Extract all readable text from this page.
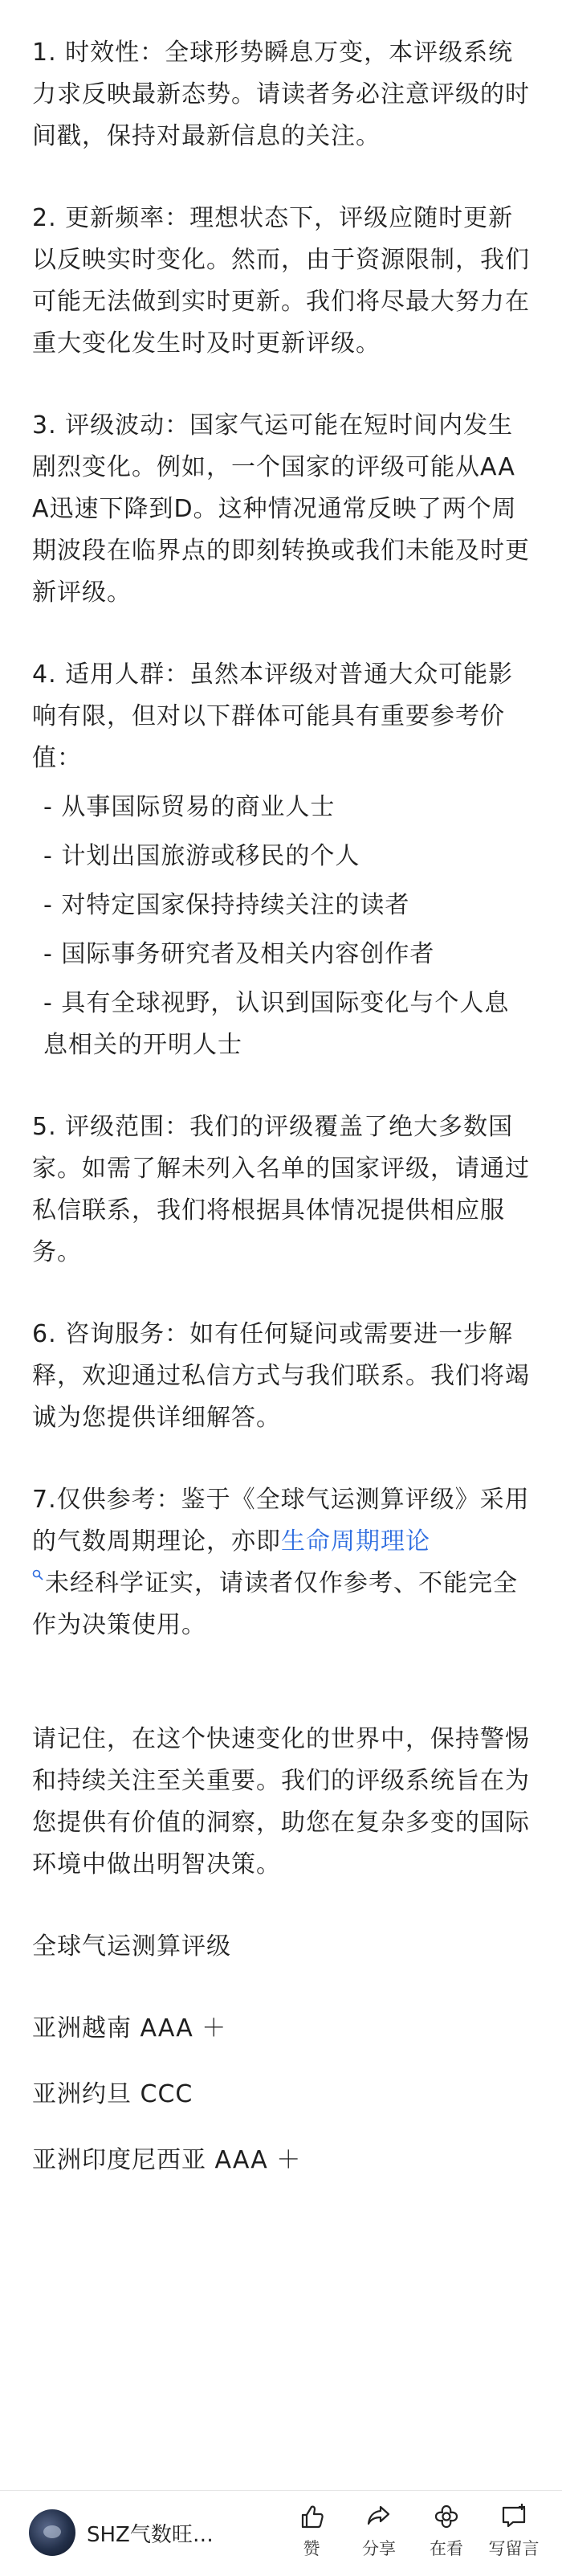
1. 时效性：全球形势瞬息万变，本评级系统力求反映最新态势。请读者务必注意评级的时间戳，保持对最新信息的关注。

2. 更新频率：理想状态下，评级应随时更新以反映实时变化。然而，由于资源限制，我们可能无法做到实时更新。我们将尽最大努力在重大变化发生时及时更新评级。

3. 评级波动：国家气运可能在短时间内发生剧烈变化。例如，一个国家的评级可能从AAA迅速下降到D。这种情况通常反映了两个周期波段在临界点的即刻转换或我们未能及时更新评级。

4. 适用人群：虽然本评级对普通大众可能影响有限，但对以下群体可能具有重要参考价值：

- 从事国际贸易的商业人士
- 计划出国旅游或移民的个人
- 对特定国家保持持续关注的读者
- 国际事务研究者及相关内容创作者
- 具有全球视野，认识到国际变化与个人息息相关的开明人士

5. 评级范围：我们的评级覆盖了绝大多数国家。如需了解未列入名单的国家评级，请通过私信联系，我们将根据具体情况提供相应服务。

6. 咨询服务：如有任何疑问或需要进一步解释，欢迎通过私信方式与我们联系。我们将竭诚为您提供详细解答。

7.仅供参考：鉴于《全球气运测算评级》采用的气数周期理论，亦即生命周期理论
未经科学证实，请读者仅作参考、不能完全作为决策使用。

请记住，在这个快速变化的世界中，保持警惕和持续关注至关重要。我们的评级系统旨在为您提供有价值的洞察，助您在复杂多变的国际环境中做出明智决策。

全球气运测算评级
亚洲越南 AAA ＋
亚洲约旦 CCC
亚洲印度尼西亚 AAA ＋
SHZ气数旺…
赞	分享 在看 写留言
